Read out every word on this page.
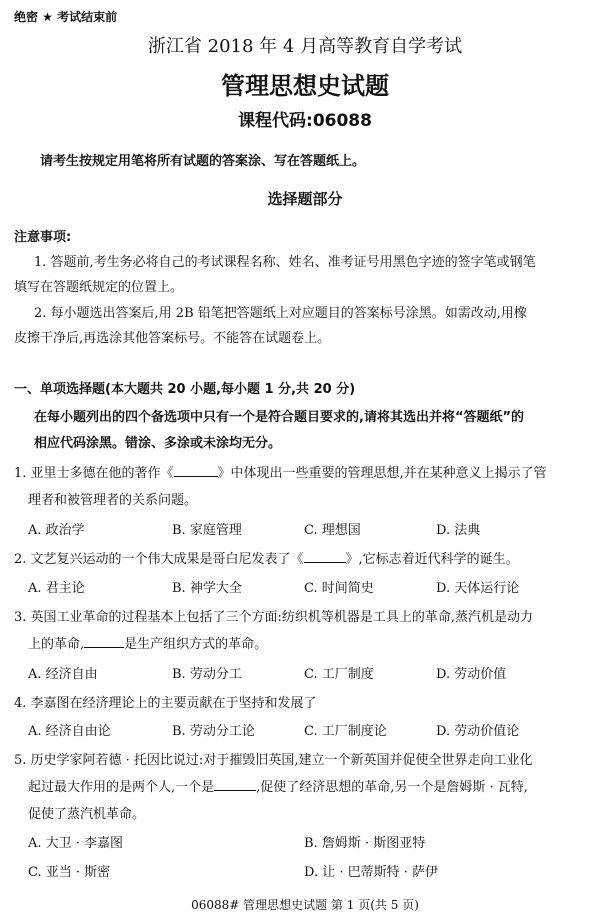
绝密 ★ 考试结束前
浙江省 2018 年 4 月高等教育自学考试
管理思想史试题
课程代码:06088
请考生按规定用笔将所有试题的答案涂、写在答题纸上。
选择题部分
注意事项:
1. 答题前,考生务必将自己的考试课程名称、姓名、准考证号用黑色字迹的签字笔或钢笔
填写在答题纸规定的位置上。
2. 每小题选出答案后,用 2B 铅笔把答题纸上对应题目的答案标号涂黑。如需改动,用橡
皮擦干净后,再选涂其他答案标号。不能答在试题卷上。
一、单项选择题(本大题共 20 小题,每小题 1 分,共 20 分)
在每小题列出的四个备选项中只有一个是符合题目要求的,请将其选出并将“答题纸”的
相应代码涂黑。错涂、多涂或未涂均无分。
1. 亚里士多德在他的著作《	》中体现出一些重要的管理思想,并在某种意义上揭示了管
理者和被管理者的关系问题。
A. 政治学	B. 家庭管理	C. 理想国	D. 法典
2. 文艺复兴运动的一个伟大成果是哥白尼发表了《	》,它标志着近代科学的诞生。
A. 君主论	B. 神学大全	C. 时间简史	D. 天体运行论
3. 英国工业革命的过程基本上包括了三个方面:纺织机等机器是工具上的革命,蒸汽机是动力
上的革命,	是生产组织方式的革命。
A. 经济自由	B. 劳动分工	C. 工厂制度	D. 劳动价值
4. 李嘉图在经济理论上的主要贡献在于坚持和发展了
A. 经济自由论	B. 劳动分工论	C. 工厂制度论	D. 劳动价值论
5. 历史学家阿若德 · 托因比说过:对于摧毁旧英国,建立一个新英国并促使全世界走向工业化
起过最大作用的是两个人,一个是	,促使了经济思想的革命,另一个是詹姆斯 · 瓦特,
促使了蒸汽机革命。
A. 大卫 · 李嘉图	B. 詹姆斯 · 斯图亚特
C. 亚当 · 斯密	D. 让 · 巴蒂斯特 · 萨伊
06088# 管理思想史试题 第 1 页(共 5 页)
